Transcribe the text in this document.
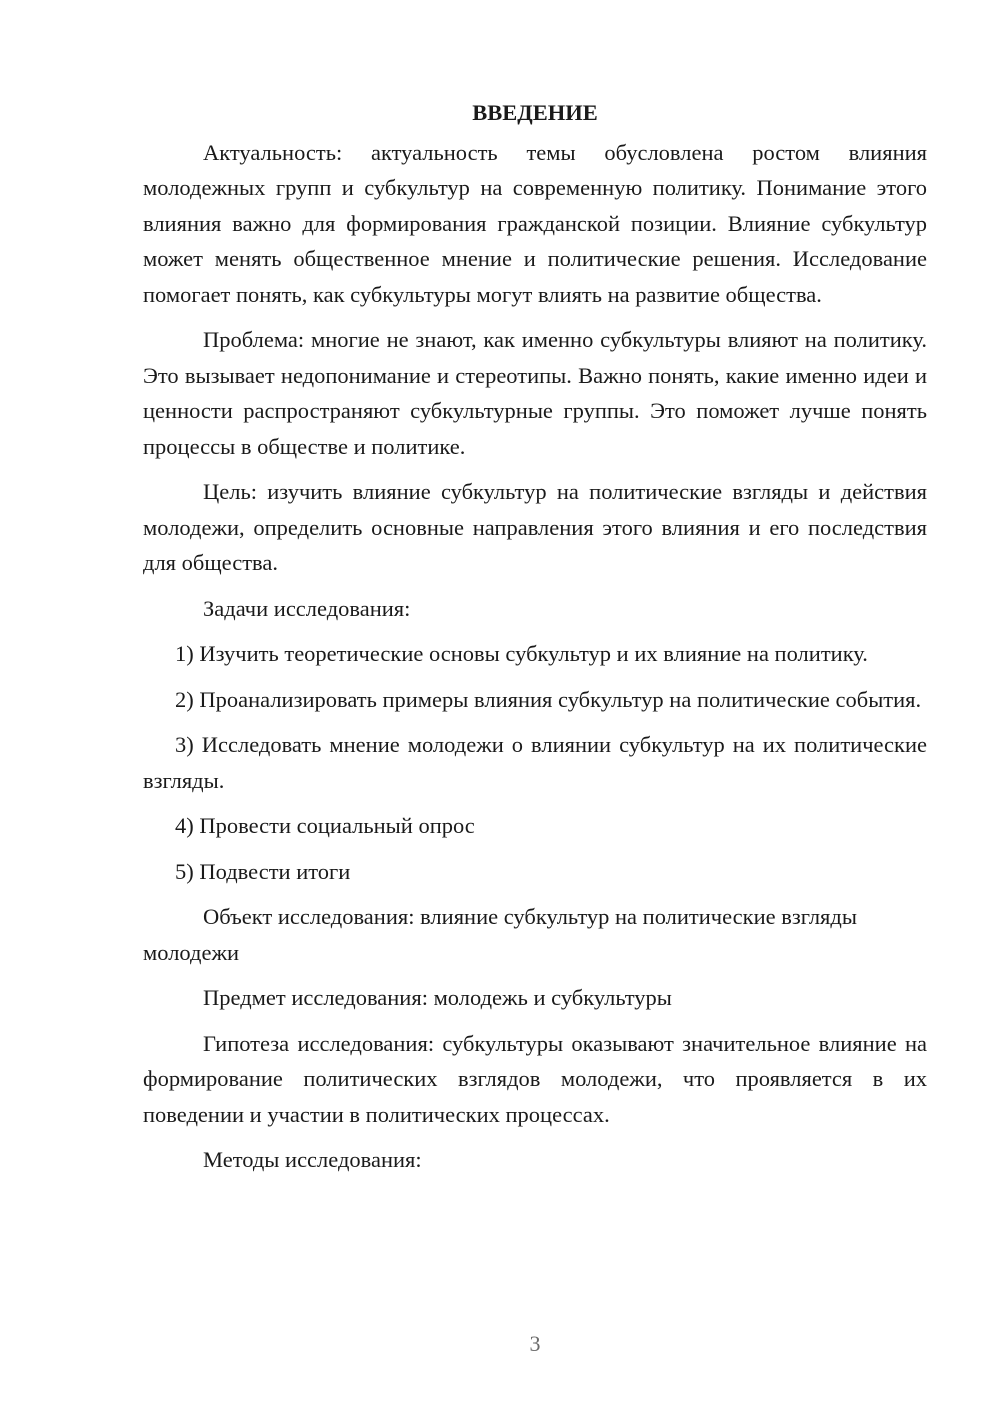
ВВЕДЕНИЕ

Актуальность: актуальность темы обусловлена ростом влияния молодежных групп и субкультур на современную политику. Понимание этого влияния важно для формирования гражданской позиции. Влияние субкультур может менять общественное мнение и политические решения. Исследование помогает понять, как субкультуры могут влиять на развитие общества.

Проблема: многие не знают, как именно субкультуры влияют на политику. Это вызывает недопонимание и стереотипы. Важно понять, какие именно идеи и ценности распространяют субкультурные группы. Это поможет лучше понять процессы в обществе и политике.

Цель: изучить влияние субкультур на политические взгляды и действия молодежи, определить основные направления этого влияния и его последствия для общества.

Задачи исследования:

1) Изучить теоретические основы субкультур и их влияние на политику.

2) Проанализировать примеры влияния субкультур на политические события.

3) Исследовать мнение молодежи о влиянии субкультур на их политические взгляды.

4) Провести социальный опрос

5) Подвести итоги

Объект исследования: влияние субкультур на политические взгляды молодежи

Предмет исследования: молодежь и субкультуры

Гипотеза исследования: субкультуры оказывают значительное влияние на формирование политических взглядов молодежи, что проявляется в их поведении и участии в политических процессах.

Методы исследования:

3
